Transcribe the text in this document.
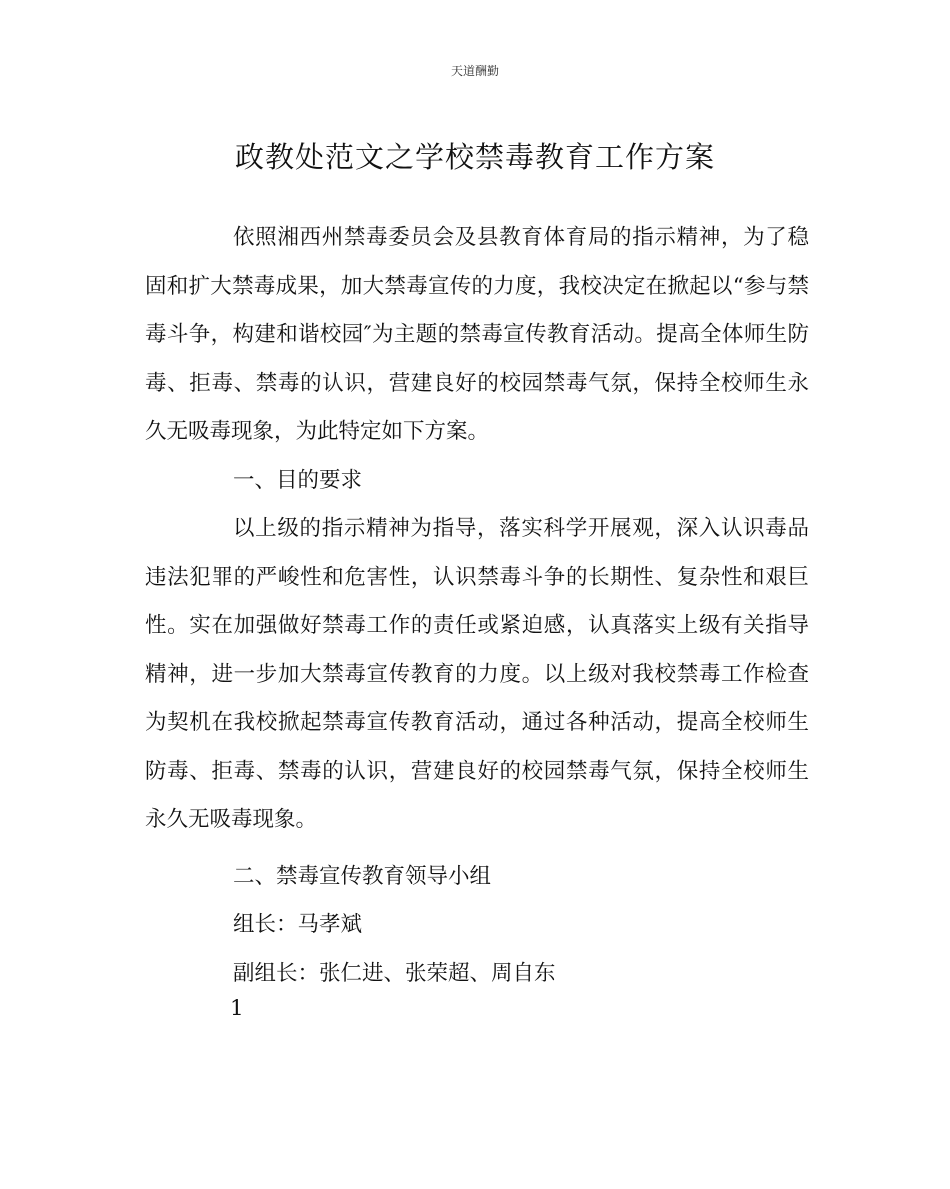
天道酬勤
政教处范文之学校禁毒教育工作方案

依照湘西州禁毒委员会及县教育体育局的指示精神，为了稳固和扩大禁毒成果，加大禁毒宣传的力度，我校决定在掀起以“参与禁毒斗争，构建和谐校园″为主题的禁毒宣传教育活动。提高全体师生防毒、拒毒、禁毒的认识，营建良好的校园禁毒气氛，保持全校师生永久无吸毒现象，为此特定如下方案。

一、目的要求

以上级的指示精神为指导，落实科学开展观，深入认识毒品违法犯罪的严峻性和危害性，认识禁毒斗争的长期性、复杂性和艰巨性。实在加强做好禁毒工作的责任或紧迫感，认真落实上级有关指导精神，进一步加大禁毒宣传教育的力度。以上级对我校禁毒工作检查为契机在我校掀起禁毒宣传教育活动，通过各种活动，提高全校师生防毒、拒毒、禁毒的认识，营建良好的校园禁毒气氛，保持全校师生永久无吸毒现象。

二、禁毒宣传教育领导小组

组长：马孝斌

副组长：张仁进、张荣超、周自东

1
